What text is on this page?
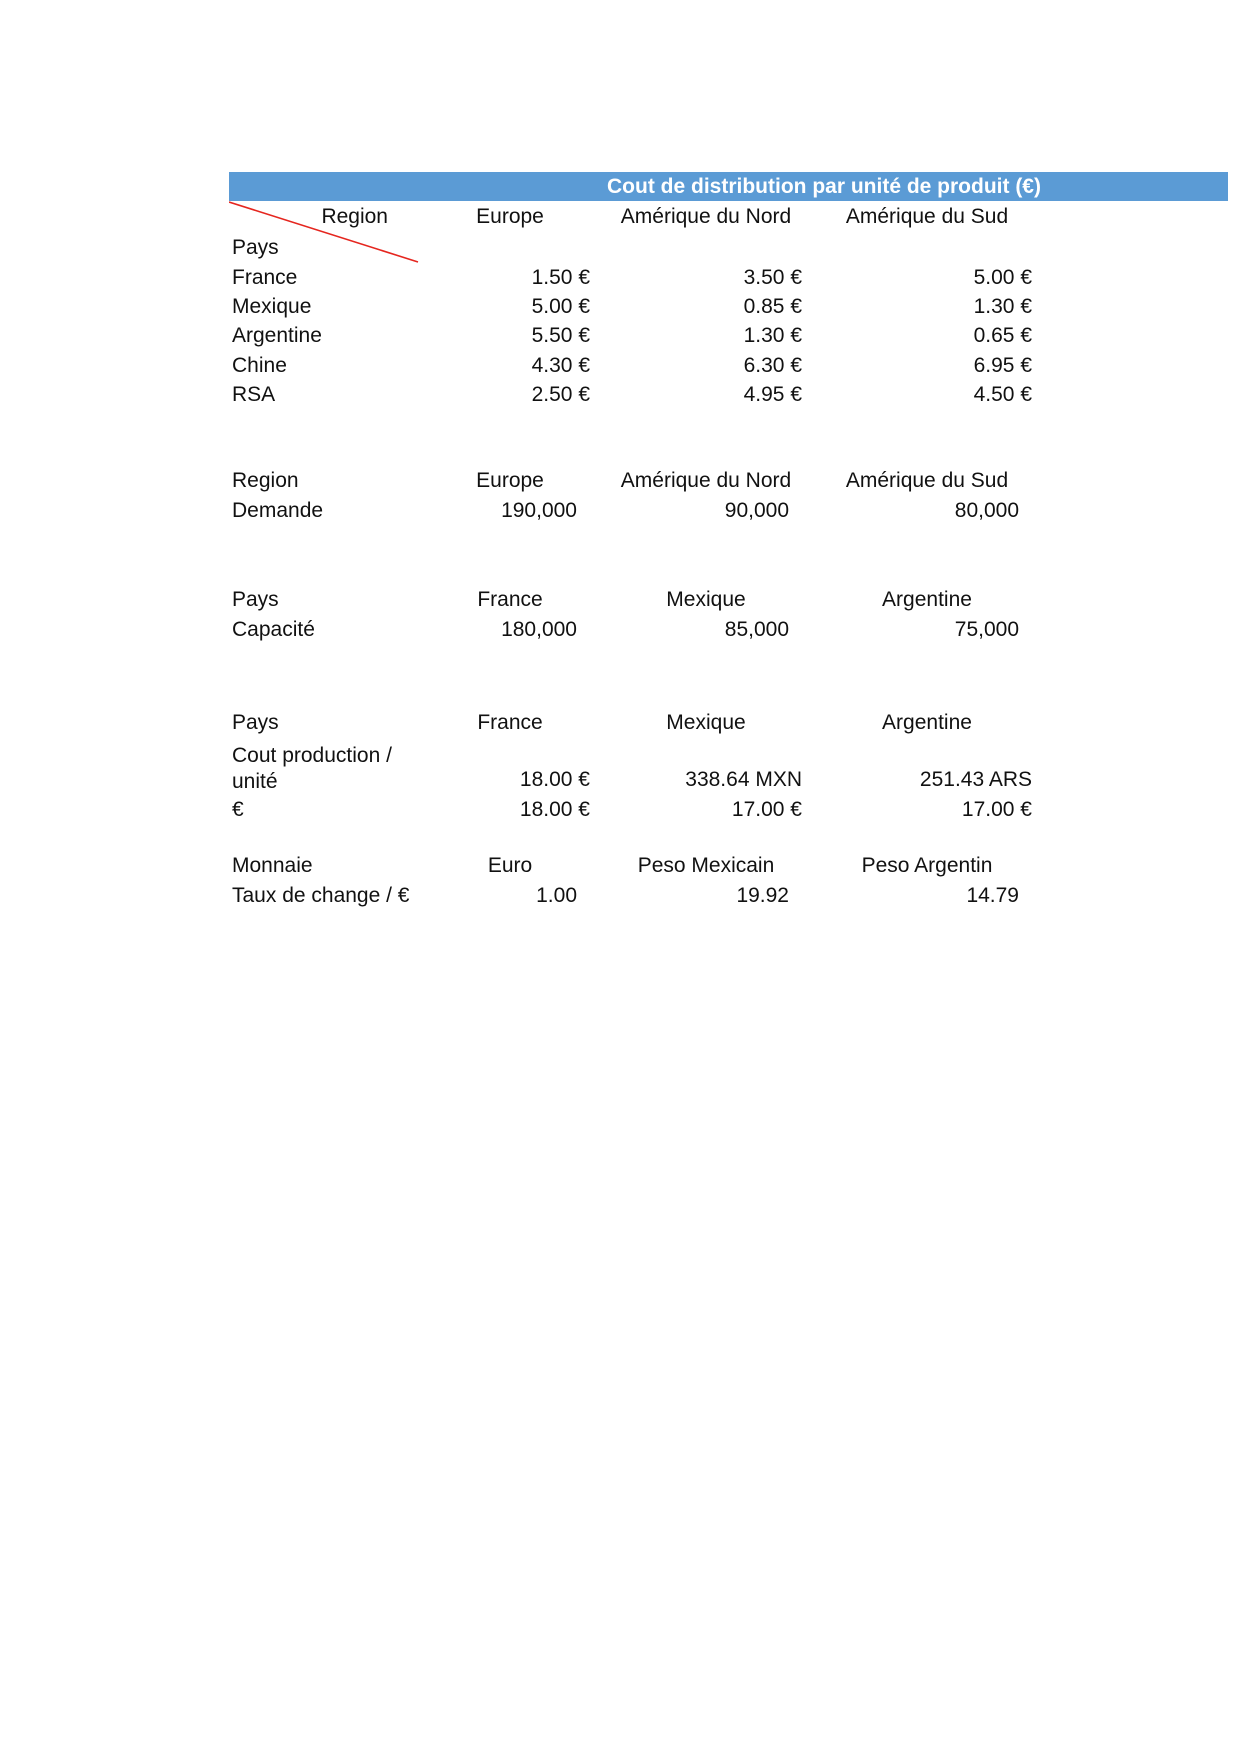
Cout de distribution par unité de produit (€)
Region
Pays
Europe	Amérique du Nord	Amérique du Sud
France	1.50 €	3.50 €	5.00 €
Mexique	5.00 €	0.85 €	1.30 €
Argentine	5.50 €	1.30 €	0.65 €
Chine	4.30 €	6.30 €	6.95 €
RSA	2.50 €	4.95 €	4.50 €
Region	Europe	Amérique du Nord	Amérique du Sud
Demande	190,000	90,000	80,000
Pays	France	Mexique	Argentine
Capacité	180,000	85,000	75,000
Pays	France	Mexique	Argentine
Cout production / unité	18.00 €	338.64 MXN	251.43 ARS
€	18.00 €	17.00 €	17.00 €
Monnaie	Euro	Peso Mexicain	Peso Argentin
Taux de change / €	1.00	19.92	14.79
